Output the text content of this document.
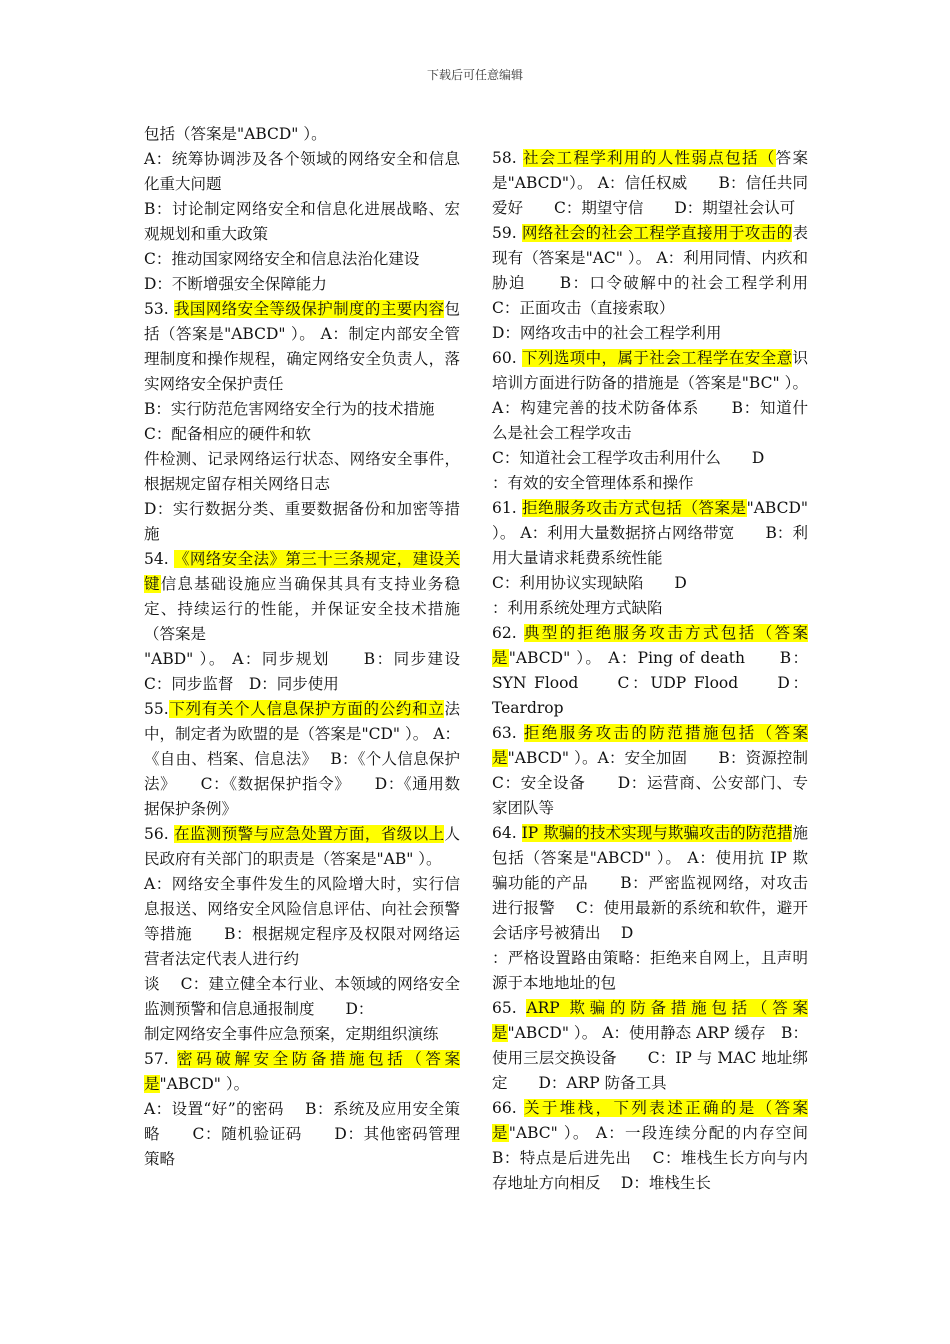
下载后可任意编辑

包括（答案是"ABCD" ）。

A：统筹协调涉及各个领域的网络安全和信息化重大问题

B：讨论制定网络安全和信息化进展战略、宏观规划和重大政策

C：推动国家网络安全和信息法治化建设

D：不断增强安全保障能力

53. 我国网络安全等级保护制度的主要内容包括（答案是"ABCD" ）。 A：制定内部安全管理制度和操作规程，确定网络安全负责人，落实网络安全保护责任

B：实行防范危害网络安全行为的技术措施

C：配备相应的硬件和软

件检测、记录网络运行状态、网络安全事件，根据规定留存相关网络日志

D：实行数据分类、重要数据备份和加密等措施

54. 《网络安全法》第三十三条规定，建设关键信息基础设施应当确保其具有支持业务稳定、持续运行的性能，并保证安全技术措施（答案是

"ABD" ）。 A：同步规划　　B：同步建设　 C：同步监督　D：同步使用

55.下列有关个人信息保护方面的公约和立法中，制定者为欧盟的是（答案是"CD" ）。 A：《自由、档案、信息法》　 B：《个人信息保护法》　　C：《数据保护指令》　　D：《通用数据保护条例》

56. 在监测预警与应急处置方面，省级以上人民政府有关部门的职责是（答案是"AB" ）。

A：网络安全事件发生的风险增大时，实行信息报送、网络安全风险信息评估、向社会预警等措施　　B：根据规定程序及权限对网络运营者法定代表人进行约

谈　 C：建立健全本行业、本领域的网络安全监测预警和信息通报制度　　D：

制定网络安全事件应急预案，定期组织演练

57. 密码破解安全防备措施包括（答案是"ABCD" ）。

A：设置“好”的密码　 B：系统及应用安全策略　　C：随机验证码　　D：其他密码管理策略

58. 社会工程学利用的人性弱点包括（答案是"ABCD"）。 A：信任权威　　B：信任共同爱好　　C：期望守信　　D：期望社会认可

59. 网络社会的社会工程学直接用于攻击的表现有（答案是"AC" ）。 A：利用同情、内疚和胁迫　　B：口令破解中的社会工程学利用　　C：正面攻击（直接索取）

D：网络攻击中的社会工程学利用

60. 下列选项中，属于社会工程学在安全意识培训方面进行防备的措施是（答案是"BC" ）。 A：构建完善的技术防备体系　　B：知道什么是社会工程学攻击

C：知道社会工程学攻击利用什么　　D

：有效的安全管理体系和操作

61. 拒绝服务攻击方式包括（答案是"ABCD" ）。 A：利用大量数据挤占网络带宽　　B：利用大量请求耗费系统性能

C：利用协议实现缺陷　　D

：利用系统处理方式缺陷

62. 典型的拒绝服务攻击方式包括（答案是"ABCD" ）。 A：Ping of death　　B：SYN Flood　　C：UDP Flood　　D：Teardrop

63. 拒绝服务攻击的防范措施包括（答案是"ABCD" ）。A：安全加固　　B：资源控制　　C：安全设备　　D：运营商、公安部门、专家团队等

64. IP 欺骗的技术实现与欺骗攻击的防范措施包括（答案是"ABCD" ）。 A：使用抗 IP 欺骗功能的产品　　B：严密监视网络，对攻击进行报警　 C：使用最新的系统和软件，避开会话序号被猜出　 D

：严格设置路由策略：拒绝来自网上，且声明源于本地地址的包

65. ARP 欺骗的防备措施包括（答案是"ABCD" ）。 A：使用静态 ARP 缓存　B：使用三层交换设备　　C：IP 与 MAC 地址绑定　　D：ARP 防备工具

66. 关于堆栈，下列表述正确的是（答案是"ABC" ）。 A：一段连续分配的内存空间　　B：特点是后进先出　 C：堆栈生长方向与内存地址方向相反　 D：堆栈生长
